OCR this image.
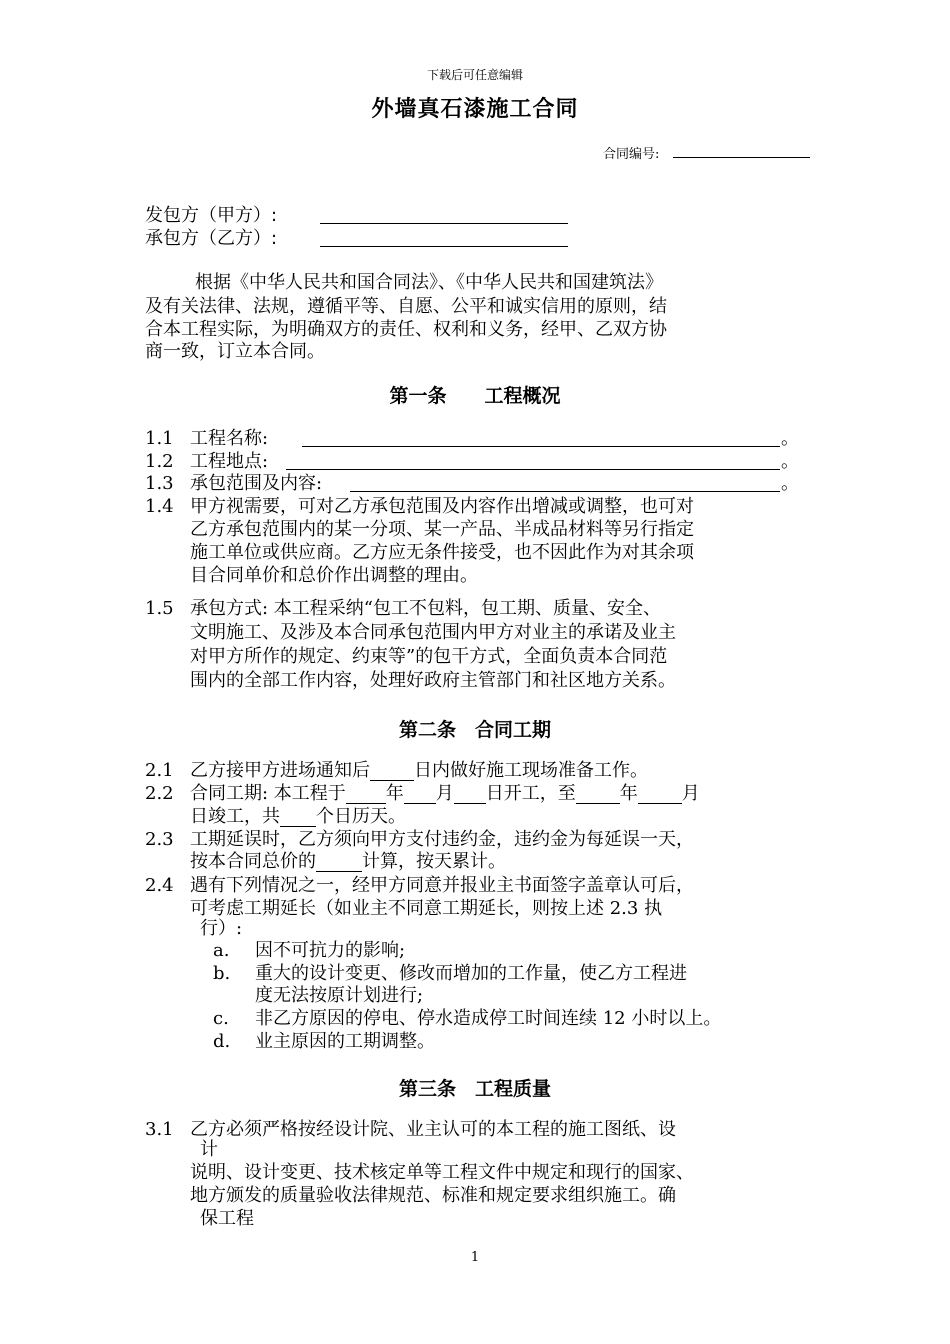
下载后可任意编辑
外墙真石漆施工合同
合同编号:
发包方（甲方）:
承包方（乙方）:
根据《中华人民共和国合同法》、《中华人民共和国建筑法》
及有关法律、法规，遵循平等、自愿、公平和诚实信用的原则，结
合本工程实际，为明确双方的责任、权利和义务，经甲、乙双方协
商一致，订立本合同。
第一条　　工程概况
1.1 工程名称:	。
1.2 工程地点:	。
1.3 承包范围及内容:	。
1.4 甲方视需要，可对乙方承包范围及内容作出增减或调整，也可对
乙方承包范围内的某一分项、某一产品、半成品材料等另行指定
施工单位或供应商。乙方应无条件接受，也不因此作为对其余项
目合同单价和总价作出调整的理由。
1.5 承包方式: 本工程采纳“包工不包料，包工期、质量、安全、
文明施工、及涉及本合同承包范围内甲方对业主的承诺及业主
对甲方所作的规定、约束等”的包干方式，全面负责本合同范
围内的全部工作内容，处理好政府主管部门和社区地方关系。
第二条　合同工期
2.1 乙方接甲方进场通知后 日内做好施工现场准备工作。
2.2 合同工期: 本工程于 年 月 日开工，至 年 月
日竣工，共 个日历天。
2.3 工期延误时，乙方须向甲方支付违约金，违约金为每延误一天，
按本合同总价的	计算，按天累计。
2.4 遇有下列情况之一，经甲方同意并报业主书面签字盖章认可后，
可考虑工期延长（如业主不同意工期延长，则按上述 2.3 执
行）:
a. 因不可抗力的影响;
b. 重大的设计变更、修改而增加的工作量，使乙方工程进
度无法按原计划进行;
c. 非乙方原因的停电、停水造成停工时间连续 12 小时以上。
d. 业主原因的工期调整。
第三条　工程质量
3.1 乙方必须严格按经设计院、业主认可的本工程的施工图纸、设
计
说明、设计变更、技术核定单等工程文件中规定和现行的国家、
地方颁发的质量验收法律规范、标准和规定要求组织施工。确
保工程
1
